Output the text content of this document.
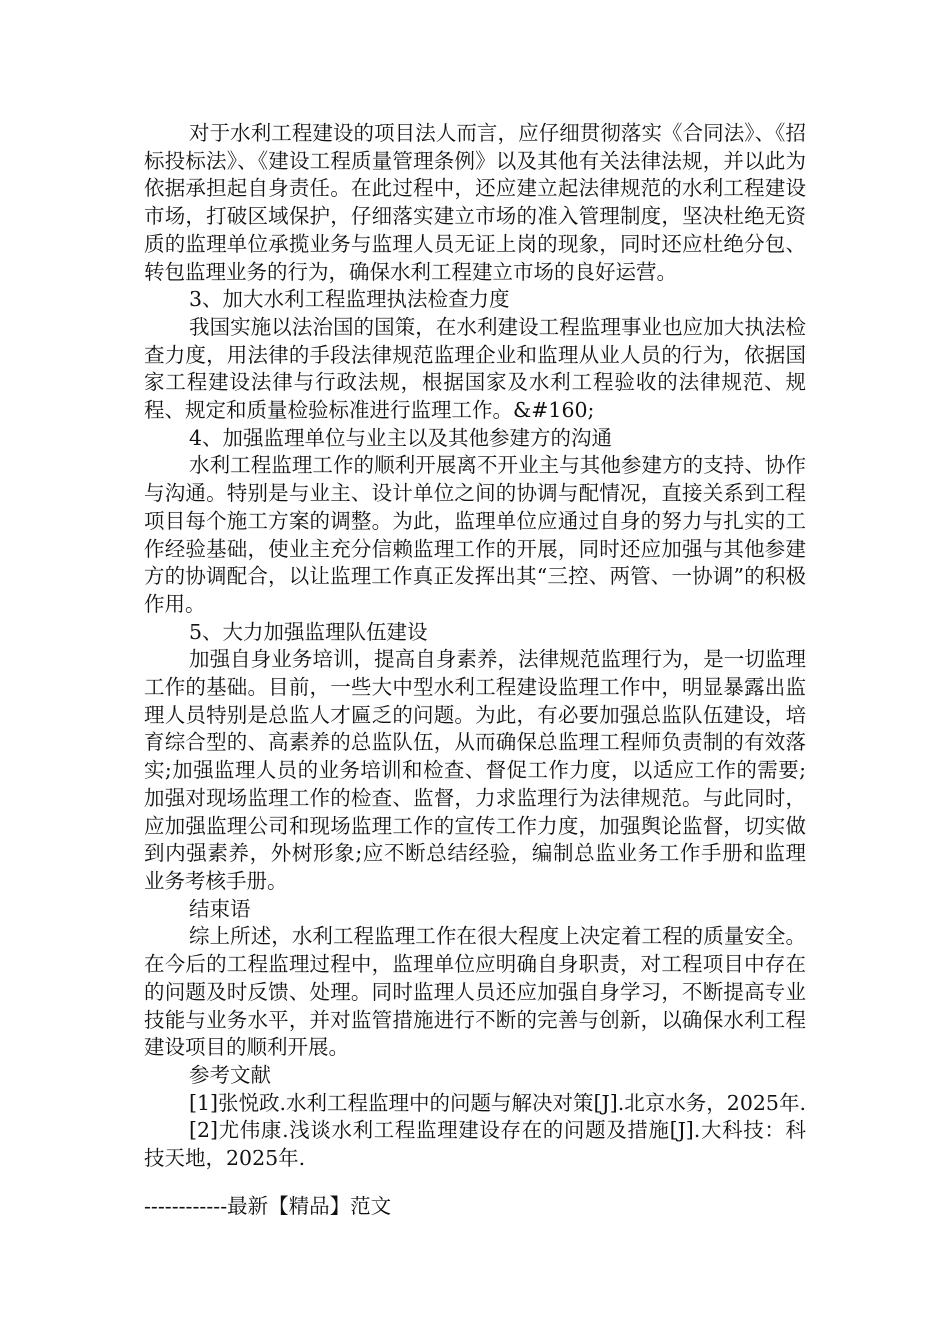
对于水利工程建设的项目法人而言，应仔细贯彻落实《合同法》、《招标投标法》、《建设工程质量管理条例》以及其他有关法律法规，并以此为依据承担起自身责任。在此过程中，还应建立起法律规范的水利工程建设市场，打破区域保护，仔细落实建立市场的准入管理制度，坚决杜绝无资质的监理单位承揽业务与监理人员无证上岗的现象，同时还应杜绝分包、转包监理业务的行为，确保水利工程建立市场的良好运营。

3、加大水利工程监理执法检查力度

我国实施以法治国的国策，在水利建设工程监理事业也应加大执法检查力度，用法律的手段法律规范监理企业和监理从业人员的行为，依据国家工程建设法律与行政法规，根据国家及水利工程验收的法律规范、规程、规定和质量检验标准进行监理工作。&#160;

4、加强监理单位与业主以及其他参建方的沟通

水利工程监理工作的顺利开展离不开业主与其他参建方的支持、协作与沟通。特别是与业主、设计单位之间的协调与配情况，直接关系到工程项目每个施工方案的调整。为此，监理单位应通过自身的努力与扎实的工作经验基础，使业主充分信赖监理工作的开展，同时还应加强与其他参建方的协调配合，以让监理工作真正发挥出其“三控、两管、一协调”的积极作用。

5、大力加强监理队伍建设

加强自身业务培训，提高自身素养，法律规范监理行为，是一切监理工作的基础。目前，一些大中型水利工程建设监理工作中，明显暴露出监理人员特别是总监人才匾乏的问题。为此，有必要加强总监队伍建设，培育综合型的、高素养的总监队伍，从而确保总监理工程师负责制的有效落实;加强监理人员的业务培训和检查、督促工作力度，以适应工作的需要;加强对现场监理工作的检查、监督，力求监理行为法律规范。与此同时，应加强监理公司和现场监理工作的宣传工作力度，加强舆论监督，切实做到内强素养，外树形象;应不断总结经验，编制总监业务工作手册和监理业务考核手册。

结束语

综上所述，水利工程监理工作在很大程度上决定着工程的质量安全。在今后的工程监理过程中，监理单位应明确自身职责，对工程项目中存在的问题及时反馈、处理。同时监理人员还应加强自身学习，不断提高专业技能与业务水平，并对监管措施进行不断的完善与创新，以确保水利工程建设项目的顺利开展。

参考文献

[1]张悦政.水利工程监理中的问题与解决对策[J].北京水务，2025年.

[2]尤伟康.浅谈水利工程监理建设存在的问题及措施[J].大科技：科技天地，2025年.

------------最新【精品】范文
